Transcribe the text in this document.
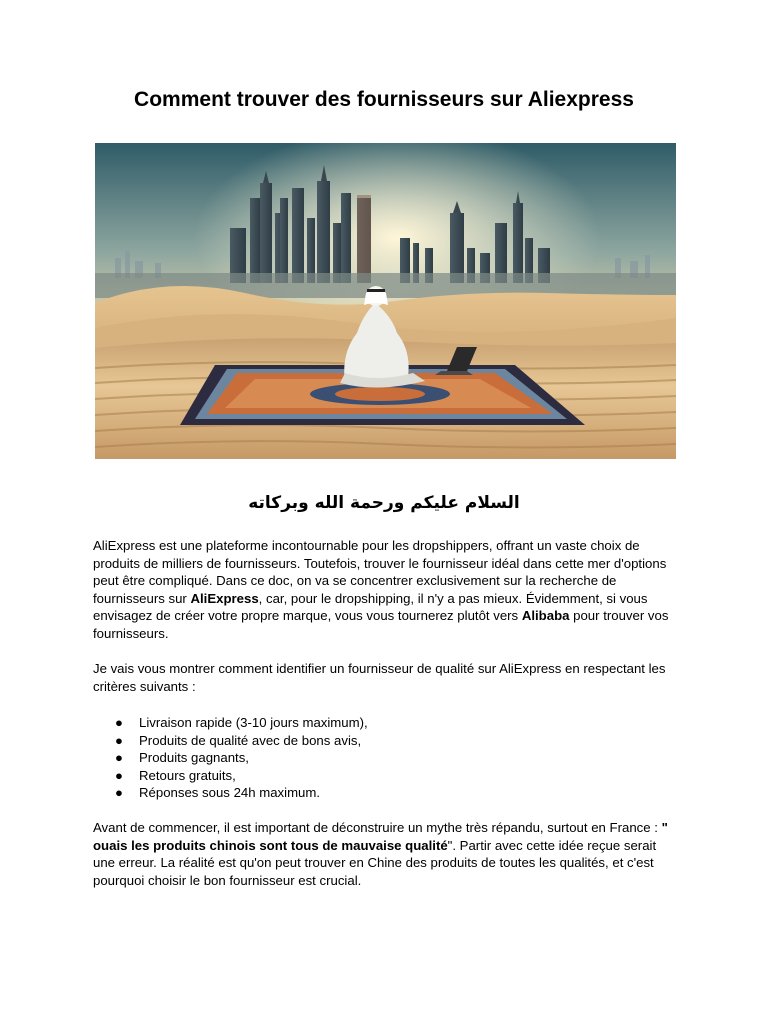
Comment trouver des fournisseurs sur Aliexpress
السلام عليكم ورحمة الله وبركاته
AliExpress est une plateforme incontournable pour les dropshippers, offrant un vaste choix de produits de milliers de fournisseurs. Toutefois, trouver le fournisseur idéal dans cette mer d'options peut être compliqué. Dans ce doc, on va se concentrer exclusivement sur la recherche de fournisseurs sur AliExpress, car, pour le dropshipping, il n'y a pas mieux. Évidemment, si vous envisagez de créer votre propre marque, vous vous tournerez plutôt vers Alibaba pour trouver vos fournisseurs.
Je vais vous montrer comment identifier un fournisseur de qualité sur AliExpress en respectant les critères suivants :
● Livraison rapide (3-10 jours maximum),
● Produits de qualité avec de bons avis,
● Produits gagnants,
● Retours gratuits,
● Réponses sous 24h maximum.
Avant de commencer, il est important de déconstruire un mythe très répandu, surtout en France : " ouais les produits chinois sont tous de mauvaise qualité". Partir avec cette idée reçue serait une erreur. La réalité est qu'on peut trouver en Chine des produits de toutes les qualités, et c'est pourquoi choisir le bon fournisseur est crucial.
